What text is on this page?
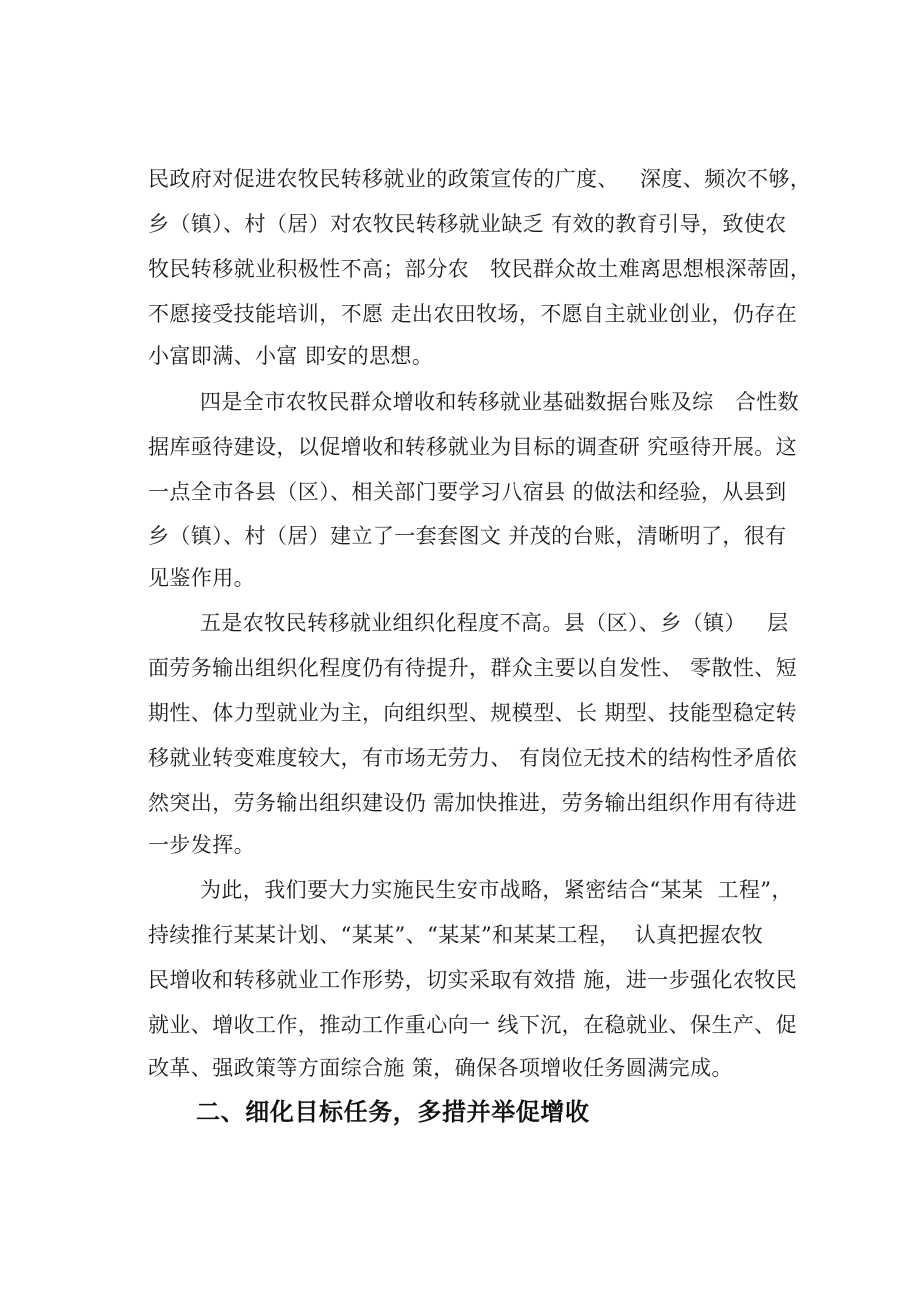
民政府对促进农牧民转移就业的政策宣传的广度、   深度、频次不够，
乡（镇）、村（居）对农牧民转移就业缺乏 有效的教育引导，致使农
牧民转移就业积极性不高；部分农   牧民群众故土难离思想根深蒂固，
不愿接受技能培训，不愿 走出农田牧场，不愿自主就业创业，仍存在
小富即满、小富 即安的思想。
四是全市农牧民群众增收和转移就业基础数据台账及综   合性数
据库亟待建设，以促增收和转移就业为目标的调查研 究亟待开展。这
一点全市各县（区）、相关部门要学习八宿县 的做法和经验，从县到
乡（镇）、村（居）建立了一套套图文 并茂的台账，清晰明了，很有
见鉴作用。
五是农牧民转移就业组织化程度不高。县（区）、乡（镇）   层
面劳务输出组织化程度仍有待提升，群众主要以自发性、 零散性、短
期性、体力型就业为主，向组织型、规模型、长 期型、技能型稳定转
移就业转变难度较大，有市场无劳力、 有岗位无技术的结构性矛盾依
然突出，劳务输出组织建设仍 需加快推进，劳务输出组织作用有待进
一步发挥。
为此，我们要大力实施民生安市战略，紧密结合“某某  工程”，
持续推行某某计划、“某某”、“某某”和某某工程，  认真把握农牧
民增收和转移就业工作形势，切实采取有效措 施，进一步强化农牧民
就业、增收工作，推动工作重心向一 线下沉，在稳就业、保生产、促
改革、强政策等方面综合施 策，确保各项增收任务圆满完成。
二、细化目标任务，多措并举促增收
